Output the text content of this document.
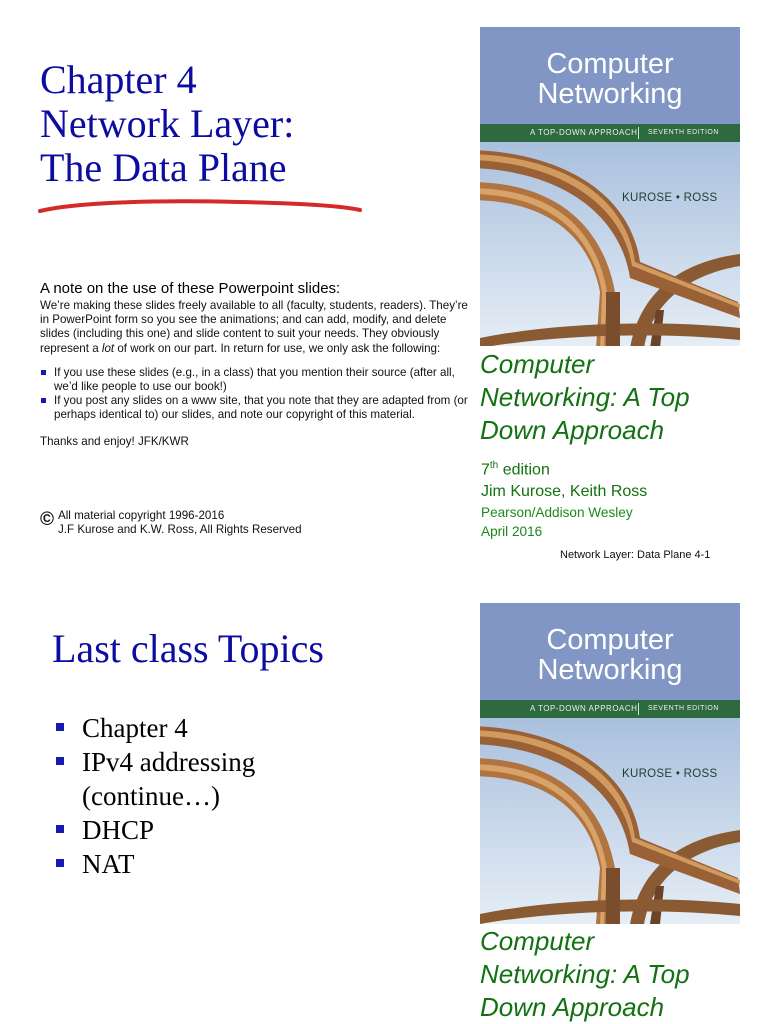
Chapter 4
Network Layer:
The Data Plane
A note on the use of these Powerpoint slides:

We’re making these slides freely available to all (faculty, students, readers). They’re in PowerPoint form so you see the animations; and can add, modify, and delete slides (including this one) and slide content to suit your needs. They obviously represent a lot of work on our part. In return for use, we only ask the following:

If you use these slides (e.g., in a class) that you mention their source (after all, we’d like people to use our book!)
If you post any slides on a www site, that you note that they are adapted from (or perhaps identical to) our slides, and note our copyright of this material.

Thanks and enjoy! JFK/KWR

© All material copyright 1996-2016
J.F Kurose and K.W. Ross, All Rights Reserved
Computer
Networking
A TOP-DOWN APPROACH SEVENTH EDITION
KUROSE • ROSS
Computer
Networking: A Top
Down Approach
7th edition
Jim Kurose, Keith Ross
Pearson/Addison Wesley
April 2016
Network Layer: Data Plane 4-1
Last class Topics
Chapter 4
IPv4 addressing
(continue…)
DHCP
NAT
Computer
Networking
A TOP-DOWN APPROACH SEVENTH EDITION
KUROSE • ROSS
Computer
Networking: A Top
Down Approach
